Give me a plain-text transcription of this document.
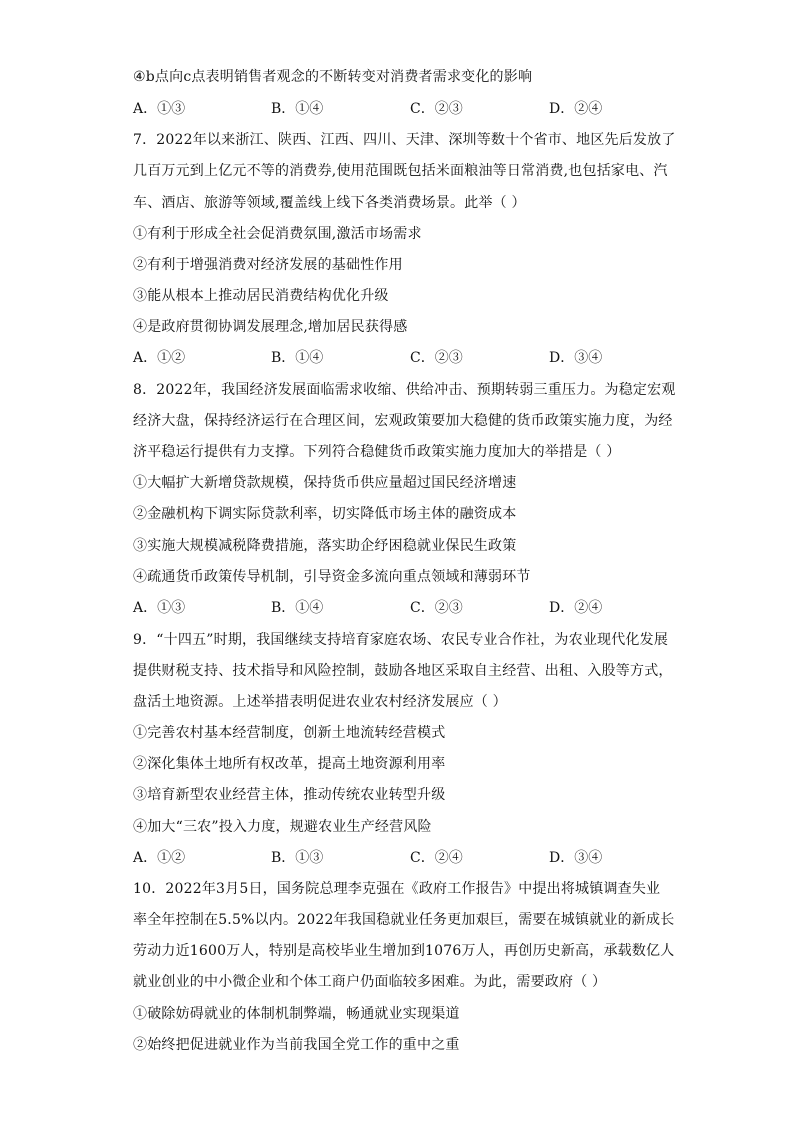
④b点向c点表明销售者观念的不断转变对消费者需求变化的影响
A．①③	B．①④	C．②③	D．②④
7．2022年以来浙江、陕西、江西、四川、天津、深圳等数十个省市、地区先后发放了
几百万元到上亿元不等的消费券,使用范围既包括米面粮油等日常消费,也包括家电、汽
车、酒店、旅游等领域,覆盖线上线下各类消费场景。此举（ ）
①有利于形成全社会促消费氛围,激活市场需求
②有利于增强消费对经济发展的基础性作用
③能从根本上推动居民消费结构优化升级
④是政府贯彻协调发展理念,增加居民获得感
A．①②	B．①④	C．②③	D．③④
8．2022年，我国经济发展面临需求收缩、供给冲击、预期转弱三重压力。为稳定宏观
经济大盘，保持经济运行在合理区间，宏观政策要加大稳健的货币政策实施力度，为经
济平稳运行提供有力支撑。下列符合稳健货币政策实施力度加大的举措是（ ）
①大幅扩大新增贷款规模，保持货币供应量超过国民经济增速
②金融机构下调实际贷款利率，切实降低市场主体的融资成本
③实施大规模减税降费措施，落实助企纾困稳就业保民生政策
④疏通货币政策传导机制，引导资金多流向重点领域和薄弱环节
A．①③	B．①④	C．②③	D．②④
9．“十四五”时期，我国继续支持培育家庭农场、农民专业合作社，为农业现代化发展
提供财税支持、技术指导和风险控制，鼓励各地区采取自主经营、出租、入股等方式，
盘活土地资源。上述举措表明促进农业农村经济发展应（ ）
①完善农村基本经营制度，创新土地流转经营模式
②深化集体土地所有权改革，提高土地资源利用率
③培育新型农业经营主体，推动传统农业转型升级
④加大“三农”投入力度，规避农业生产经营风险
A．①②	B．①③	C．②④	D．③④
10．2022年3月5日，国务院总理李克强在《政府工作报告》中提出将城镇调查失业
率全年控制在5.5%以内。2022年我国稳就业任务更加艰巨，需要在城镇就业的新成长
劳动力近1600万人，特别是高校毕业生增加到1076万人，再创历史新高，承载数亿人
就业创业的中小微企业和个体工商户仍面临较多困难。为此，需要政府（ ）
①破除妨碍就业的体制机制弊端，畅通就业实现渠道
②始终把促进就业作为当前我国全党工作的重中之重
